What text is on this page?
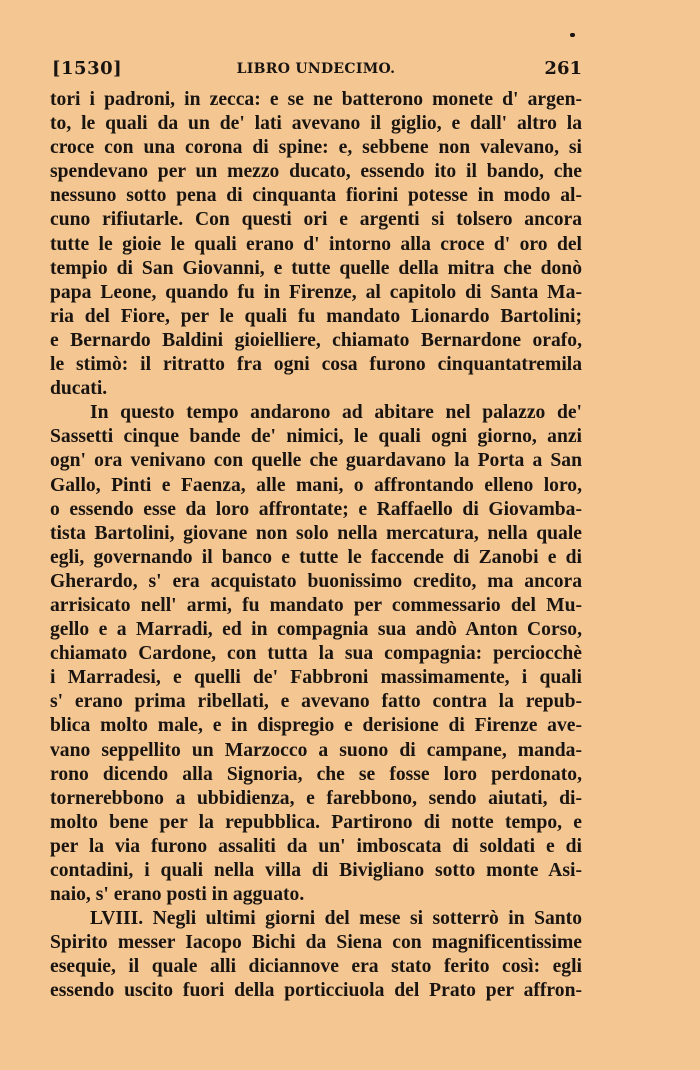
[1530]	LIBRO UNDECIMO.	261
tori i padroni, in zecca: e se ne batterono monete d' argen-
to, le quali da un de' lati avevano il giglio, e dall' altro la
croce con una corona di spine: e, sebbene non valevano, si
spendevano per un mezzo ducato, essendo ito il bando, che
nessuno sotto pena di cinquanta fiorini potesse in modo al-
cuno rifiutarle. Con questi ori e argenti si tolsero ancora
tutte le gioie le quali erano d' intorno alla croce d' oro del
tempio di San Giovanni, e tutte quelle della mitra che donò
papa Leone, quando fu in Firenze, al capitolo di Santa Ma-
ria del Fiore, per le quali fu mandato Lionardo Bartolini;
e Bernardo Baldini gioielliere, chiamato Bernardone orafo,
le stimò: il ritratto fra ogni cosa furono cinquantatremila
ducati.
In questo tempo andarono ad abitare nel palazzo de'
Sassetti cinque bande de' nimici, le quali ogni giorno, anzi
ogn' ora venivano con quelle che guardavano la Porta a San
Gallo, Pinti e Faenza, alle mani, o affrontando elleno loro,
o essendo esse da loro affrontate; e Raffaello di Giovamba-
tista Bartolini, giovane non solo nella mercatura, nella quale
egli, governando il banco e tutte le faccende di Zanobi e di
Gherardo, s' era acquistato buonissimo credito, ma ancora
arrisicato nell' armi, fu mandato per commessario del Mu-
gello e a Marradi, ed in compagnia sua andò Anton Corso,
chiamato Cardone, con tutta la sua compagnia: perciocchè
i Marradesi, e quelli de' Fabbroni massimamente, i quali
s' erano prima ribellati, e avevano fatto contra la repub-
blica molto male, e in dispregio e derisione di Firenze ave-
vano seppellito un Marzocco a suono di campane, manda-
rono dicendo alla Signoria, che se fosse loro perdonato,
tornerebbono a ubbidienza, e farebbono, sendo aiutati, di-
molto bene per la repubblica. Partirono di notte tempo, e
per la via furono assaliti da un' imboscata di soldati e di
contadini, i quali nella villa di Bivigliano sotto monte Asi-
naio, s' erano posti in agguato.
LVIII. Negli ultimi giorni del mese si sotterrò in Santo
Spirito messer Iacopo Bichi da Siena con magnificentissime
esequie, il quale alli diciannove era stato ferito così: egli
essendo uscito fuori della porticciuola del Prato per affron-
